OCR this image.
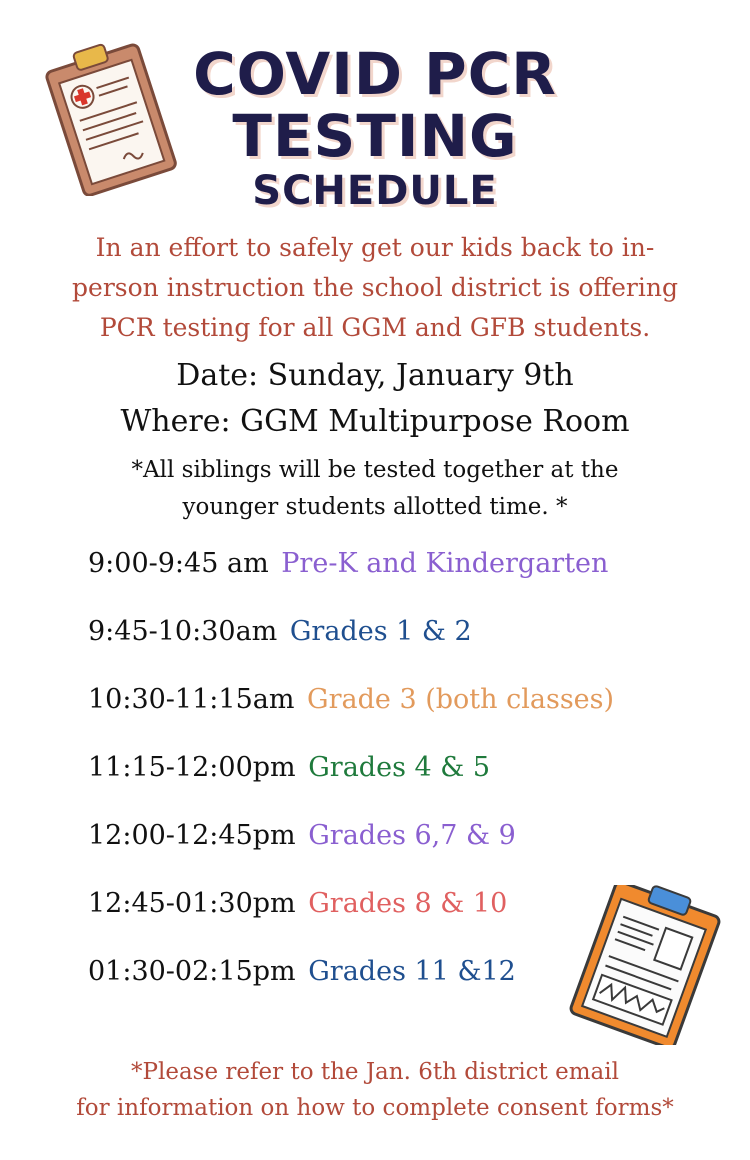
COVID PCR
TESTING
SCHEDULE
In an effort to safely get our kids back to in-
person instruction the school district is offering
PCR testing for all GGM and GFB students.
Date: Sunday, January 9th
Where: GGM Multipurpose Room
*All siblings will be tested together at the
younger students allotted time. *
9:00-9:45 am Pre-K and Kindergarten
9:45-10:30am Grades 1 & 2
10:30-11:15am Grade 3 (both classes)
11:15-12:00pm Grades 4 & 5
12:00-12:45pm Grades 6,7 & 9
12:45-01:30pm Grades 8 & 10
01:30-02:15pm Grades 11 &12
*Please refer to the Jan. 6th district email
for information on how to complete consent forms*
